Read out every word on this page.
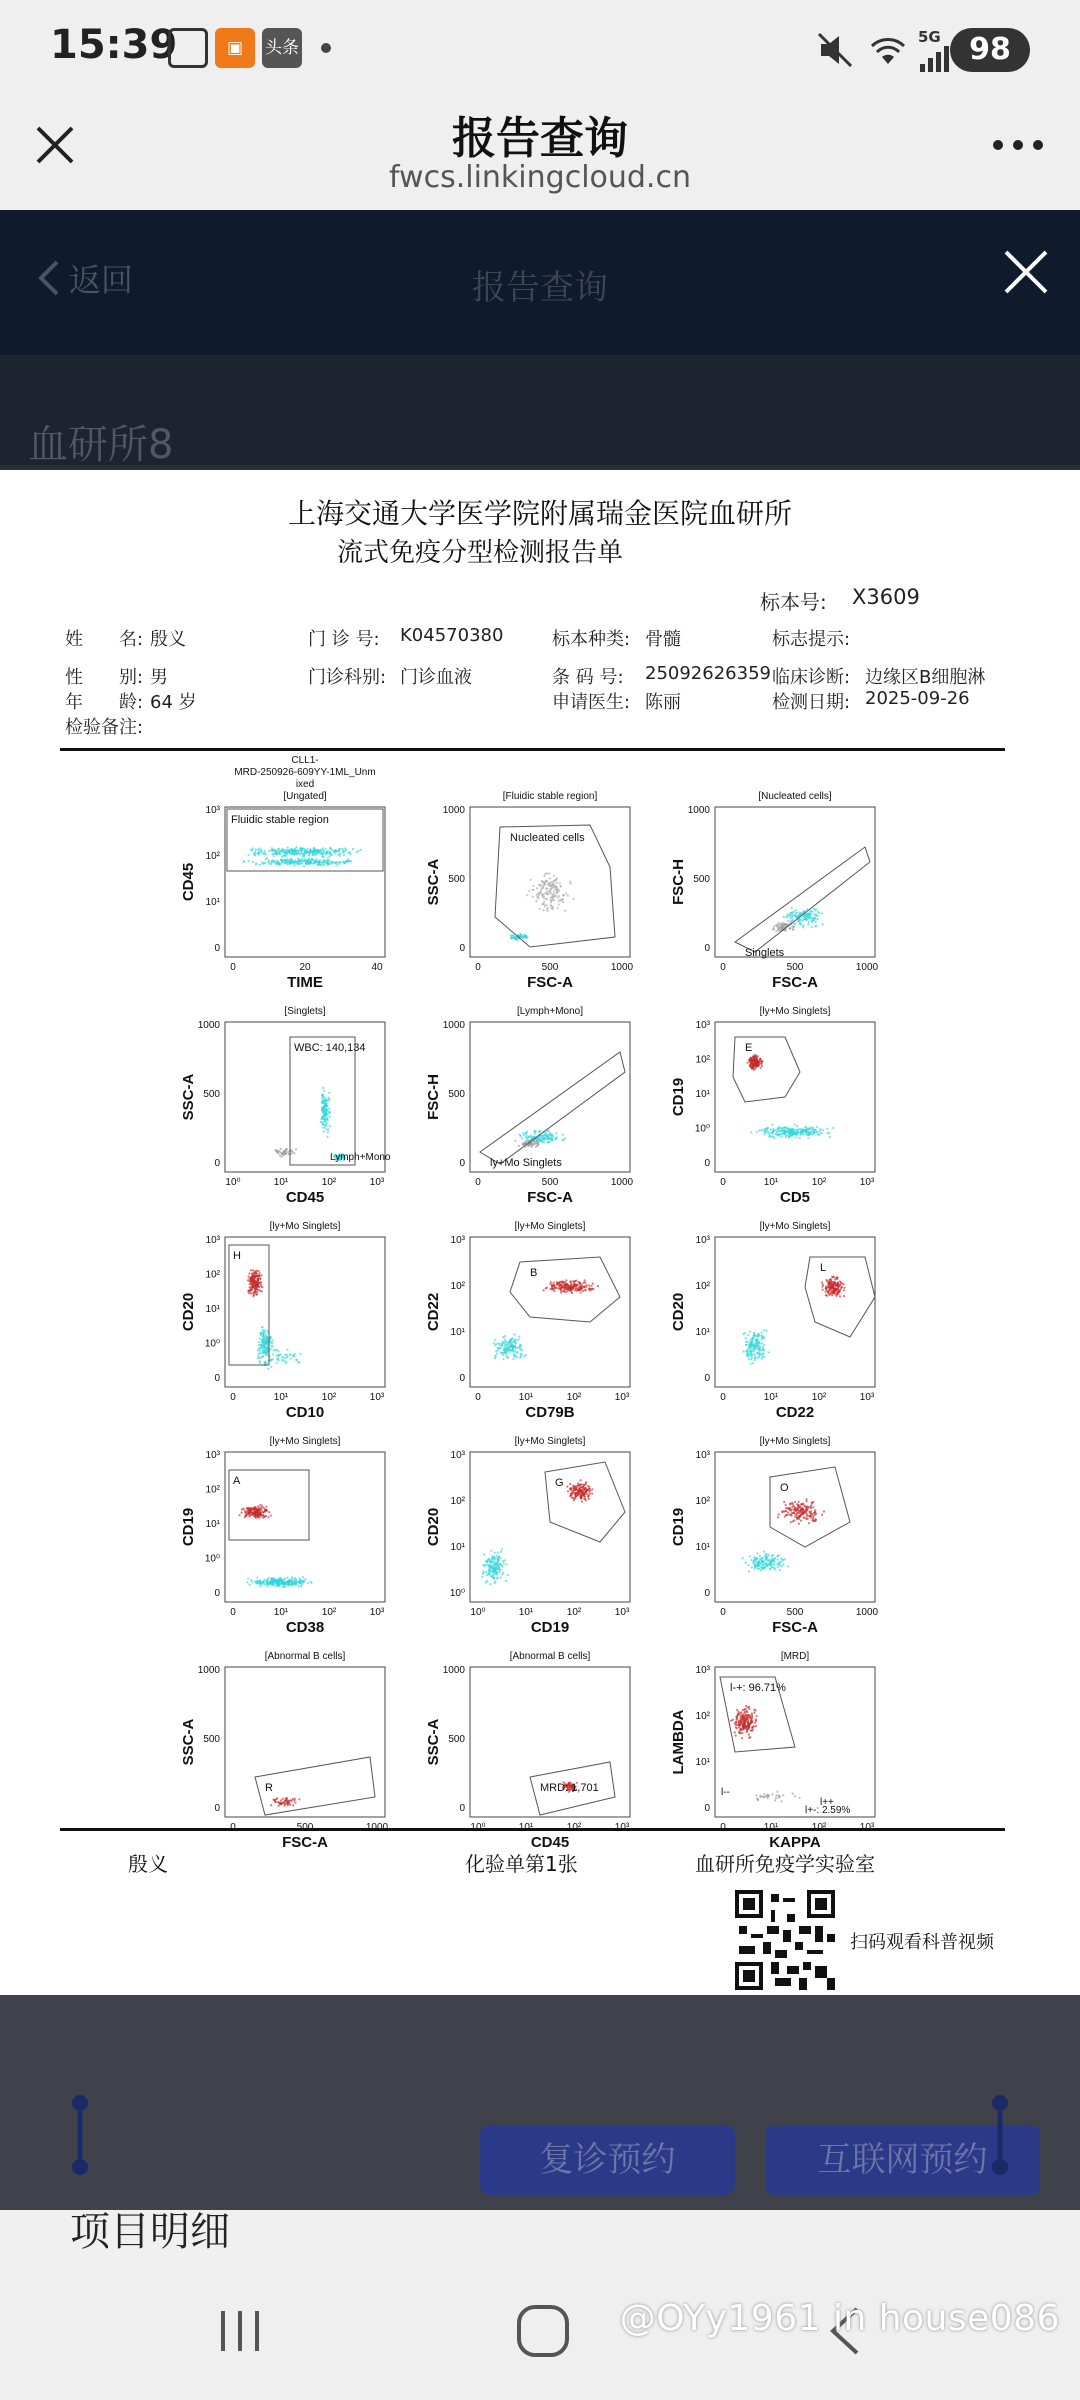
15:39	▣	头条
5G 98
报告查询
fwcs.linkingcloud.cn
返回	报告查询
血研所8
上海交通大学医学院附属瑞金医院血研所
流式免疫分型检测报告单
标本号: X3609
姓　　名: 殷义	门 诊 号: K04570380	标本种类: 骨髓	标志提示:
性　　别: 男	门诊科别: 门诊血液	条 码 号: 25092626359 临床诊断: 边缘区B细胞淋
年　　龄: 64 岁	申请医生: 陈丽	检测日期: 2025-09-26
检验备注:
CLL1-
MRD-250926-609YY-1ML_Unm
ixed
[Ungated]
Fluidic stable region
0	20	40
0
10¹
10²
10³
TIME
CD45
[Fluidic stable region]
Nucleated cells
0	500	1000
0
500
1000
FSC-A
SSC-A
[Nucleated cells]
Singlets
0	500	1000
0
500
1000
FSC-A
FSC-H
[Singlets]
WBC: 140,134
Lymph+Mono
10⁰	10¹	10²	10³
0
500
1000
CD45
SSC-A
[Lymph+Mono]
ly+Mo Singlets
0	500	1000
0
500
1000
FSC-A
FSC-H
[ly+Mo Singlets]
E
0	10¹	10²	10³
0
10⁰
10¹
10²
10³
CD5
CD19
[ly+Mo Singlets]
H
0	10¹	10²	10³
0
10⁰
10¹
10²
10³
CD10
CD20
[ly+Mo Singlets]
B
0	10¹	10²	10³
0
10¹
10²
10³
CD79B
CD22
[ly+Mo Singlets]
L
0	10¹	10²	10³
0
10¹
10²
10³
CD22
CD20
[ly+Mo Singlets]
A
0	10¹	10²	10³
0
10⁰
10¹
10²
10³
CD38
CD19
[ly+Mo Singlets]
G
10⁰	10¹	10²	10³
10⁰
10¹
10²
10³
CD19
CD20
[ly+Mo Singlets]
O
0	500	1000
0
10¹
10²
10³
FSC-A
CD19
[Abnormal B cells]
R
0
500
1000
FSC-A
SSC-A
[Abnormal B cells]
MRD: 1,701
0
500
1000
CD45
SSC-A
[MRD]
l-+: 96.71%
l++
l--
l+-: 2.59%
0
10¹
10²
10³
KAPPA
LAMBDA
殷义	化验单第1张	血研所免疫学实验室
扫码观看科普视频
复诊预约	互联网预约
项目明细
@OYy1961 in house086
